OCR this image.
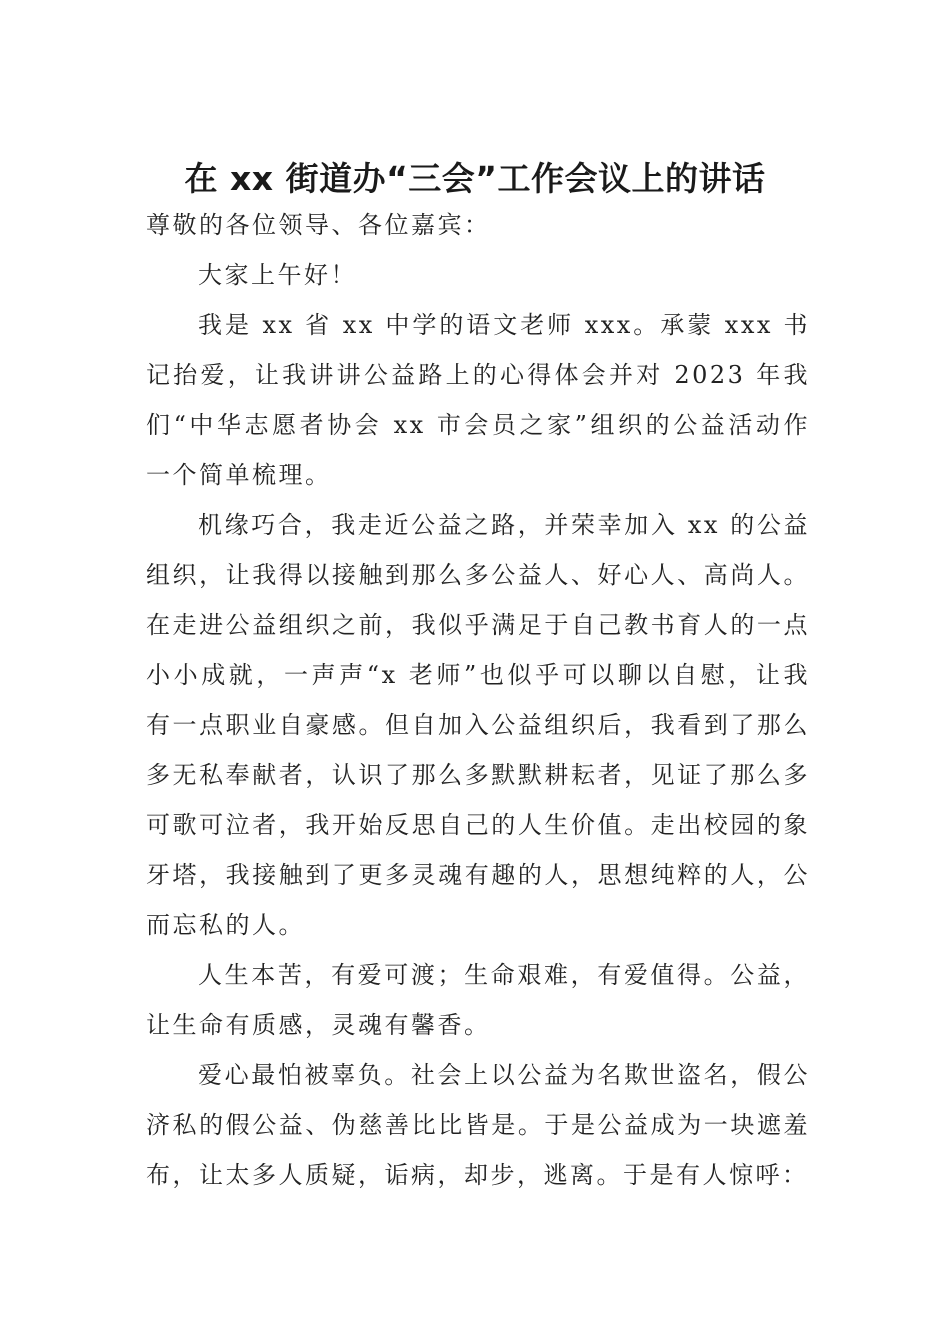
在 xx 街道办“三会”工作会议上的讲话

尊敬的各位领导、各位嘉宾：

大家上午好！

我是 xx 省 xx 中学的语文老师 xxx。承蒙 xxx 书记抬爱，让我讲讲公益路上的心得体会并对 2023 年我们“中华志愿者协会 xx 市会员之家”组织的公益活动作一个简单梳理。

机缘巧合，我走近公益之路，并荣幸加入 xx 的公益组织，让我得以接触到那么多公益人、好心人、高尚人。在走进公益组织之前，我似乎满足于自己教书育人的一点小小成就，一声声“x 老师”也似乎可以聊以自慰，让我有一点职业自豪感。但自加入公益组织后，我看到了那么多无私奉献者，认识了那么多默默耕耘者，见证了那么多可歌可泣者，我开始反思自己的人生价值。走出校园的象牙塔，我接触到了更多灵魂有趣的人，思想纯粹的人，公而忘私的人。

人生本苦，有爱可渡；生命艰难，有爱值得。公益，让生命有质感，灵魂有馨香。

爱心最怕被辜负。社会上以公益为名欺世盗名，假公济私的假公益、伪慈善比比皆是。于是公益成为一块遮羞布，让太多人质疑，诟病，却步，逃离。于是有人惊呼：
